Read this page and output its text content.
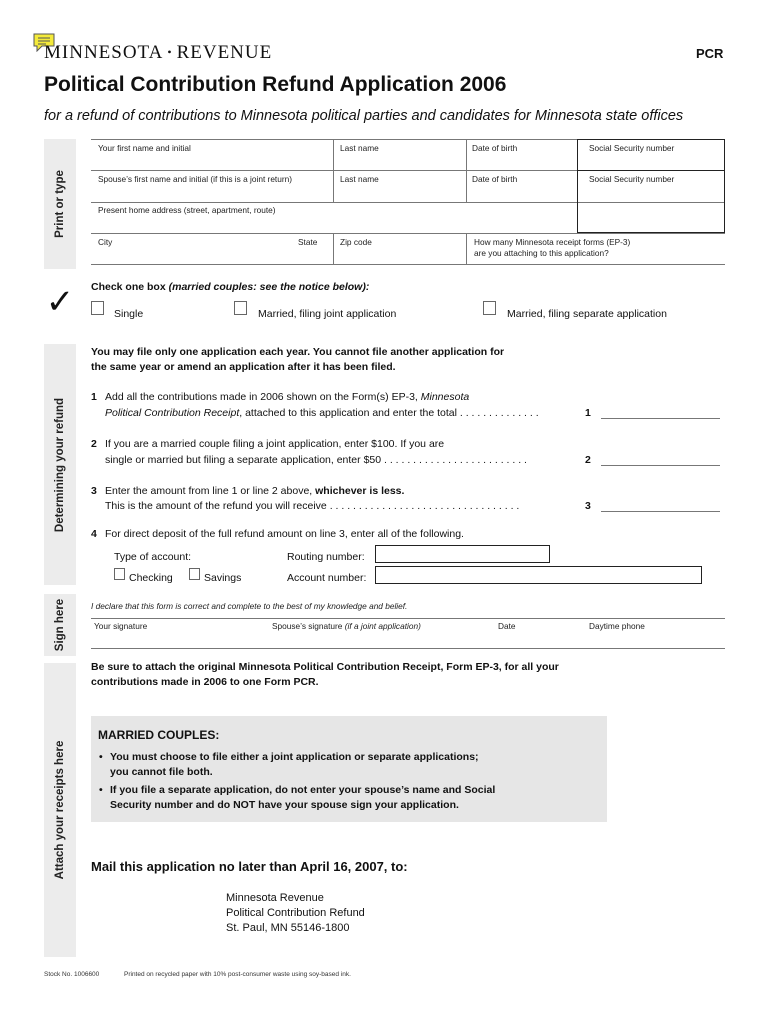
MINNESOTA • REVENUE	PCR
Political Contribution Refund Application 2006
for a refund of contributions to Minnesota political parties and candidates for Minnesota state offices
Print or type
✓
Determining your refund
Sign here
Attach your receipts here
Your first name and initial	Last name	Date of birth	Social Security number
Spouse’s first name and initial (if this is a joint return)	Last name	Date of birth	Social Security number
Present home address (street, apartment, route)
City	State	Zip code	How many Minnesota receipt forms (EP-3)
are you attaching to this application?
Check one box (married couples: see the notice below):
Single	Married, filing joint application	Married, filing separate application
You may file only one application each year. You cannot file another application for
the same year or amend an application after it has been filed.
1 Add all the contributions made in 2006 shown on the Form(s) EP-3, Minnesota
Political Contribution Receipt, attached to this application and enter the total . . . . . . . . . . . . . .	1
2 If you are a married couple filing a joint application, enter $100. If you are
single or married but filing a separate application, enter $50 . . . . . . . . . . . . . . . . . . . . . . . . .	2
3 Enter the amount from line 1 or line 2 above, whichever is less.
This is the amount of the refund you will receive . . . . . . . . . . . . . . . . . . . . . . . . . . . . . . . . .	3
4 For direct deposit of the full refund amount on line 3, enter all of the following.
Type of account:
Checking	Savings
Routing number:
Account number:
I declare that this form is correct and complete to the best of my knowledge and belief.
Your signature	Spouse’s signature (if a joint application)	Date	Daytime phone
Be sure to attach the original Minnesota Political Contribution Receipt, Form EP-3, for all your
contributions made in 2006 to one Form PCR.
MARRIED COUPLES:
• You must choose to file either a joint application or separate applications;
you cannot file both.
• If you file a separate application, do not enter your spouse’s name and Social
Security number and do NOT have your spouse sign your application.
Mail this application no later than April 16, 2007, to:
Minnesota Revenue
Political Contribution Refund
St. Paul, MN 55146-1800
Stock No. 1006600	Printed on recycled paper with 10% post-consumer waste using soy-based ink.
